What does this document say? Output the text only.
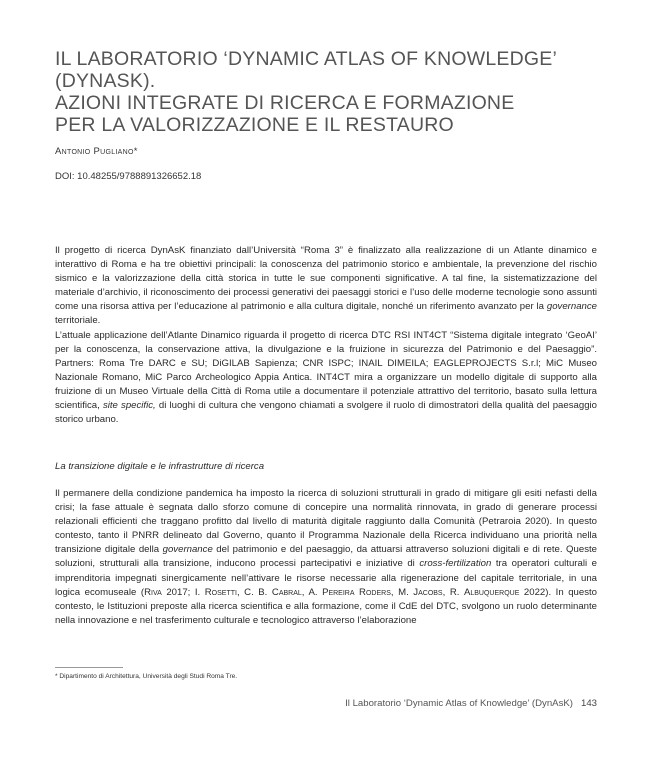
IL LABORATORIO ‘DYNAMIC ATLAS OF KNOWLEDGE’
(DYNASK).
AZIONI INTEGRATE DI RICERCA E FORMAZIONE
PER LA VALORIZZAZIONE E IL RESTAURO
Antonio Pugliano*
DOI: 10.48255/9788891326652.18

Il progetto di ricerca DynAsK finanziato dall’Università “Roma 3” è finalizzato alla realizzazione di un Atlante dinamico e interattivo di Roma e ha tre obiettivi principali: la conoscenza del patrimonio storico e ambientale, la prevenzione del rischio sismico e la valorizzazione della città storica in tutte le sue componenti significative. A tal fine, la sistematizzazione del materiale d’archivio, il riconoscimento dei processi generativi dei paesaggi storici e l’uso delle moderne tecnologie sono assunti come una risorsa attiva per l’educazione al patrimonio e alla cultura digitale, nonché un riferimento avanzato per la governance territoriale.

L’attuale applicazione dell’Atlante Dinamico riguarda il progetto di ricerca DTC RSI INT4CT “Sistema digitale integrato ‘GeoAI’ per la conoscenza, la conservazione attiva, la divulgazione e la fruizione in sicurezza del Patrimonio e del Paesaggio”. Partners: Roma Tre DARC e SU; DiGILAB Sapienza; CNR ISPC; INAIL DIMEILA; EAGLEPROJECTS S.r.l; MiC Museo Nazionale Romano, MiC Parco Archeologico Appia Antica. INT4CT mira a organizzare un modello digitale di supporto alla fruizione di un Museo Virtuale della Città di Roma utile a documentare il potenziale attrattivo del territorio, basato sulla lettura scientifica, site specific, di luoghi di cultura che vengono chiamati a svolgere il ruolo di dimostratori della qualità del paesaggio storico urbano.

La transizione digitale e le infrastrutture di ricerca

Il permanere della condizione pandemica ha imposto la ricerca di soluzioni strutturali in grado di mitigare gli esiti nefasti della crisi; la fase attuale è segnata dallo sforzo comune di concepire una normalità rinnovata, in grado di generare processi relazionali efficienti che traggano profitto dal livello di maturità digitale raggiunto dalla Comunità (Petraroia 2020). In questo contesto, tanto il PNRR delineato dal Governo, quanto il Programma Nazionale della Ricerca individuano una priorità nella transizione digitale della governance del patrimonio e del paesaggio, da attuarsi attraverso soluzioni digitali e di rete. Queste soluzioni, strutturali alla transizione, inducono processi partecipativi e iniziative di cross-fertilization tra operatori culturali e imprenditoria impegnati sinergicamente nell’attivare le risorse necessarie alla rigenerazione del capitale territoriale, in una logica ecomuseale (Riva 2017; I. Rosetti, C. B. Cabral, A. Pereira Roders, M. Jacobs, R. Albuquerque 2022). In questo contesto, le Istituzioni preposte alla ricerca scientifica e alla formazione, come il CdE del DTC, svolgono un ruolo determinante nella innovazione e nel trasferimento culturale e tecnologico attraverso l’elaborazione

* Dipartimento di Architettura, Università degli Studi Roma Tre.
Il Laboratorio ‘Dynamic Atlas of Knowledge’ (DynAsK) 143
